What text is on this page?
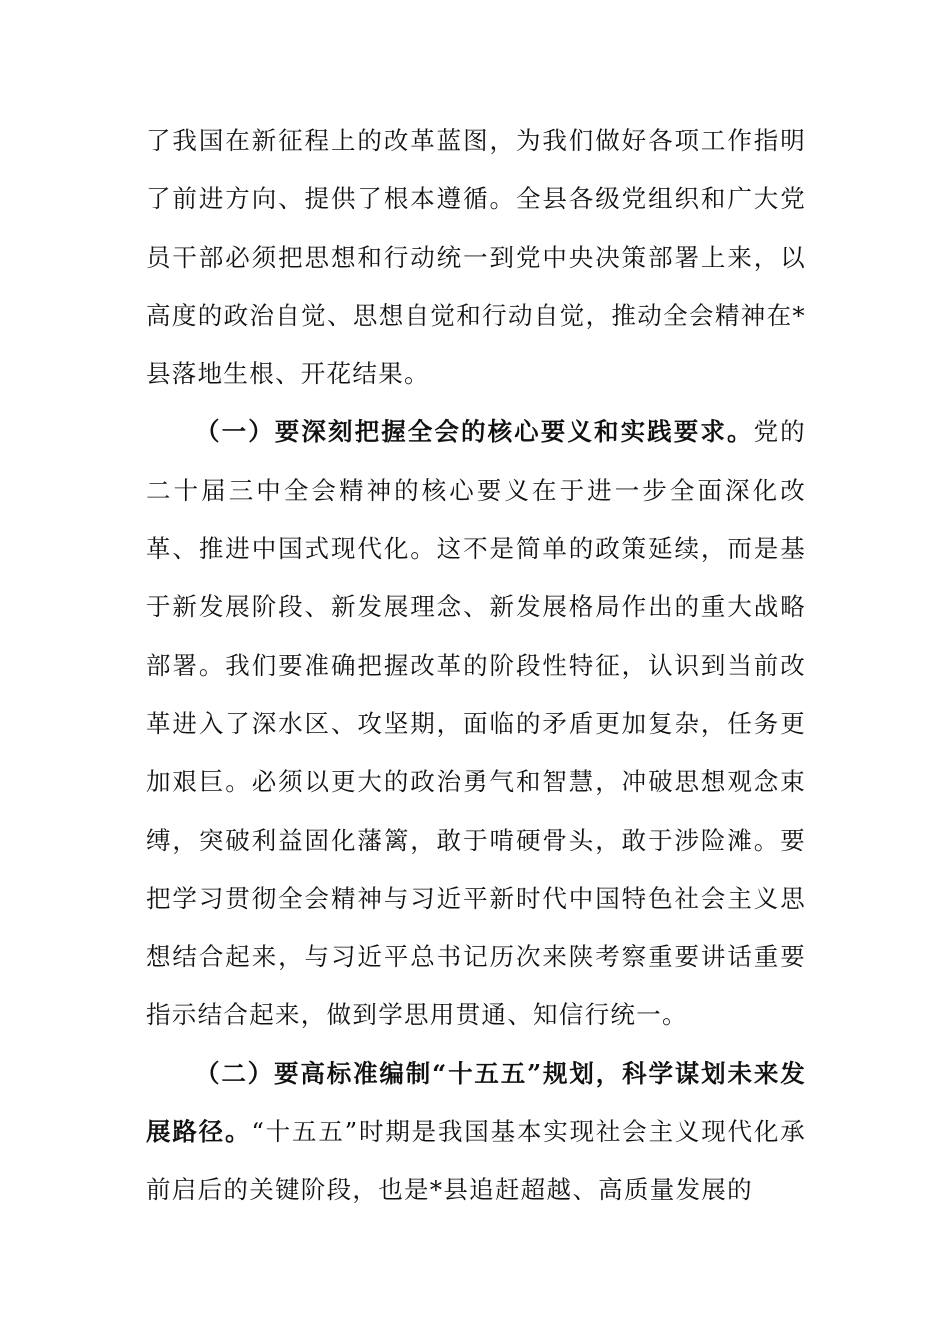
了我国在新征程上的改革蓝图，为我们做好各项工作指明了前进方向、提供了根本遵循。全县各级党组织和广大党员干部必须把思想和行动统一到党中央决策部署上来，以高度的政治自觉、思想自觉和行动自觉，推动全会精神在*县落地生根、开花结果。

（一）要深刻把握全会的核心要义和实践要求。党的二十届三中全会精神的核心要义在于进一步全面深化改革、推进中国式现代化。这不是简单的政策延续，而是基于新发展阶段、新发展理念、新发展格局作出的重大战略部署。我们要准确把握改革的阶段性特征，认识到当前改革进入了深水区、攻坚期，面临的矛盾更加复杂，任务更加艰巨。必须以更大的政治勇气和智慧，冲破思想观念束缚，突破利益固化藩篱，敢于啃硬骨头，敢于涉险滩。要把学习贯彻全会精神与习近平新时代中国特色社会主义思想结合起来，与习近平总书记历次来陕考察重要讲话重要指示结合起来，做到学思用贯通、知信行统一。

（二）要高标准编制“十五五”规划，科学谋划未来发展路径。“十五五”时期是我国基本实现社会主义现代化承前启后的关键阶段，也是*县追赶超越、高质量发展的
